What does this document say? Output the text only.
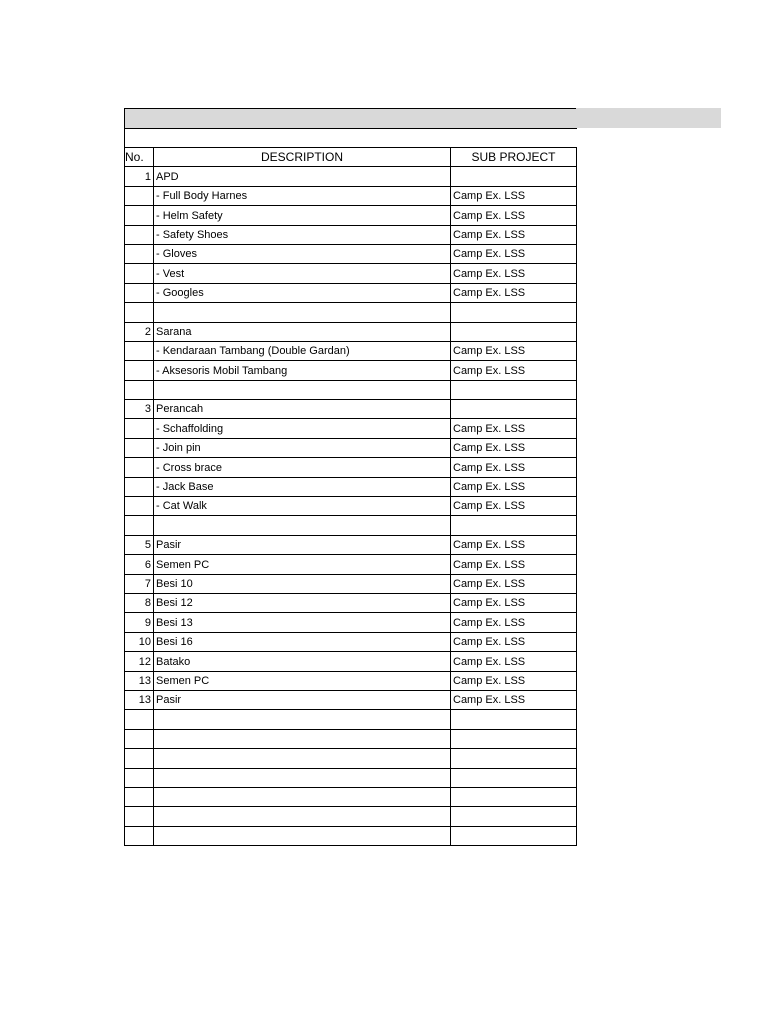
No.	DESCRIPTION	SUB PROJECT
1	APD	
	- Full Body Harnes	Camp Ex. LSS
	- Helm Safety	Camp Ex. LSS
	- Safety Shoes	Camp Ex. LSS
	- Gloves	Camp Ex. LSS
	- Vest	Camp Ex. LSS
	- Googles	Camp Ex. LSS

2	Sarana	
	- Kendaraan Tambang (Double Gardan)	Camp Ex. LSS
	- Aksesoris Mobil Tambang	Camp Ex. LSS

3	Perancah	
	- Schaffolding	Camp Ex. LSS
	- Join pin	Camp Ex. LSS
	- Cross brace	Camp Ex. LSS
	- Jack Base	Camp Ex. LSS
	- Cat Walk	Camp Ex. LSS

5	Pasir	Camp Ex. LSS
6	Semen PC	Camp Ex. LSS
7	Besi 10	Camp Ex. LSS
8	Besi 12	Camp Ex. LSS
9	Besi 13	Camp Ex. LSS
10	Besi 16	Camp Ex. LSS
12	Batako	Camp Ex. LSS
13	Semen PC	Camp Ex. LSS
13	Pasir	Camp Ex. LSS
